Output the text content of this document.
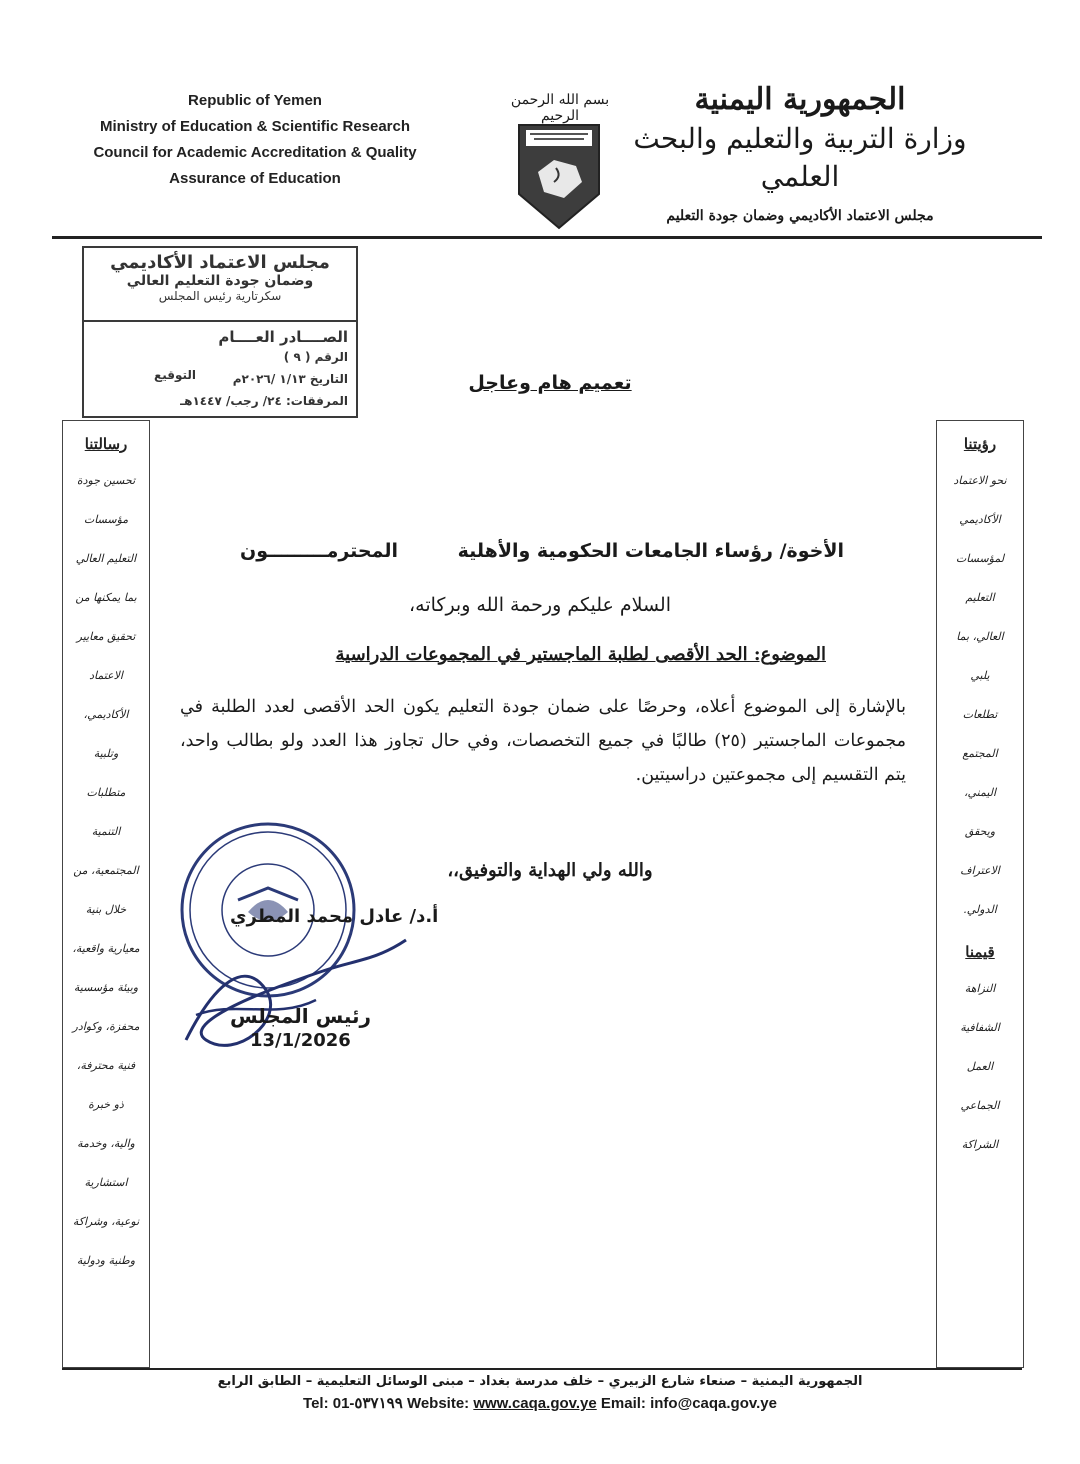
Republic of Yemen
Ministry of Education & Scientific Research
Council for Academic Accreditation & Quality
Assurance of Education
بسم الله الرحمن الرحيم	الجمهورية اليمنية
وزارة التربية والتعليم والبحث العلمي
مجلس الاعتماد الأكاديمي وضمان جودة التعليم
مجلس الاعتماد الأكاديمي
وضمان جودة التعليم العالي
سكرتارية رئيس المجلس
الصــــادر العــــام
الرقم ( ٩ )
التاريخ ١/١٣ /٢٠٢٦م
المرفقات: ٢٤/ رجب/ ١٤٤٧هـ
التوقيع	تعميم هام وعاجل
رسالتنا
تحسين جودة
مؤسسات
التعليم العالي
بما يمكنها من
تحقيق معايير
الاعتماد
الأكاديمي،
وتلبية
متطلبات
التنمية
المجتمعية، من
خلال بنية
معيارية واقعية،
وبيئة مؤسسية
محفزة، وكوادر
فنية محترفة،
ذو خبرة
والية، وخدمة
استشارية
نوعية، وشراكة
وطنية ودولية
رؤيتنا
نحو الاعتماد
الأكاديمي
لمؤسسات
التعليم
العالي، بما
يلبي
تطلعات
المجتمع
اليمني،
ويحقق
الاعتراف
الدولي.
قيمنا
النزاهة
الشفافية
العمل
الجماعي
الشراكة
الأخوة/ رؤساء الجامعات الحكومية والأهلية
المحترمـــــــــون
السلام عليكم ورحمة الله وبركاته،
الموضوع: الحد الأقصى لطلبة الماجستير في المجموعات الدراسية
بالإشارة إلى الموضوع أعلاه، وحرصًا على ضمان جودة التعليم يكون الحد الأقصى لعدد الطلبة في مجموعات الماجستير (٢٥) طالبًا في جميع التخصصات، وفي حال تجاوز هذا العدد ولو بطالب واحد، يتم التقسيم إلى مجموعتين دراسيتين.
والله ولي الهداية والتوفيق،،
أ.د/ عادل محمد المطري
رئيس المجلس
13/1/2026
الجمهورية اليمنية – صنعاء شارع الزبيري – خلف مدرسة بغداد – مبنى الوسائل التعليمية – الطابق الرابع
Tel: 01-٥٣٧١٩٩ Website: www.caqa.gov.ye Email: info@caqa.gov.ye
